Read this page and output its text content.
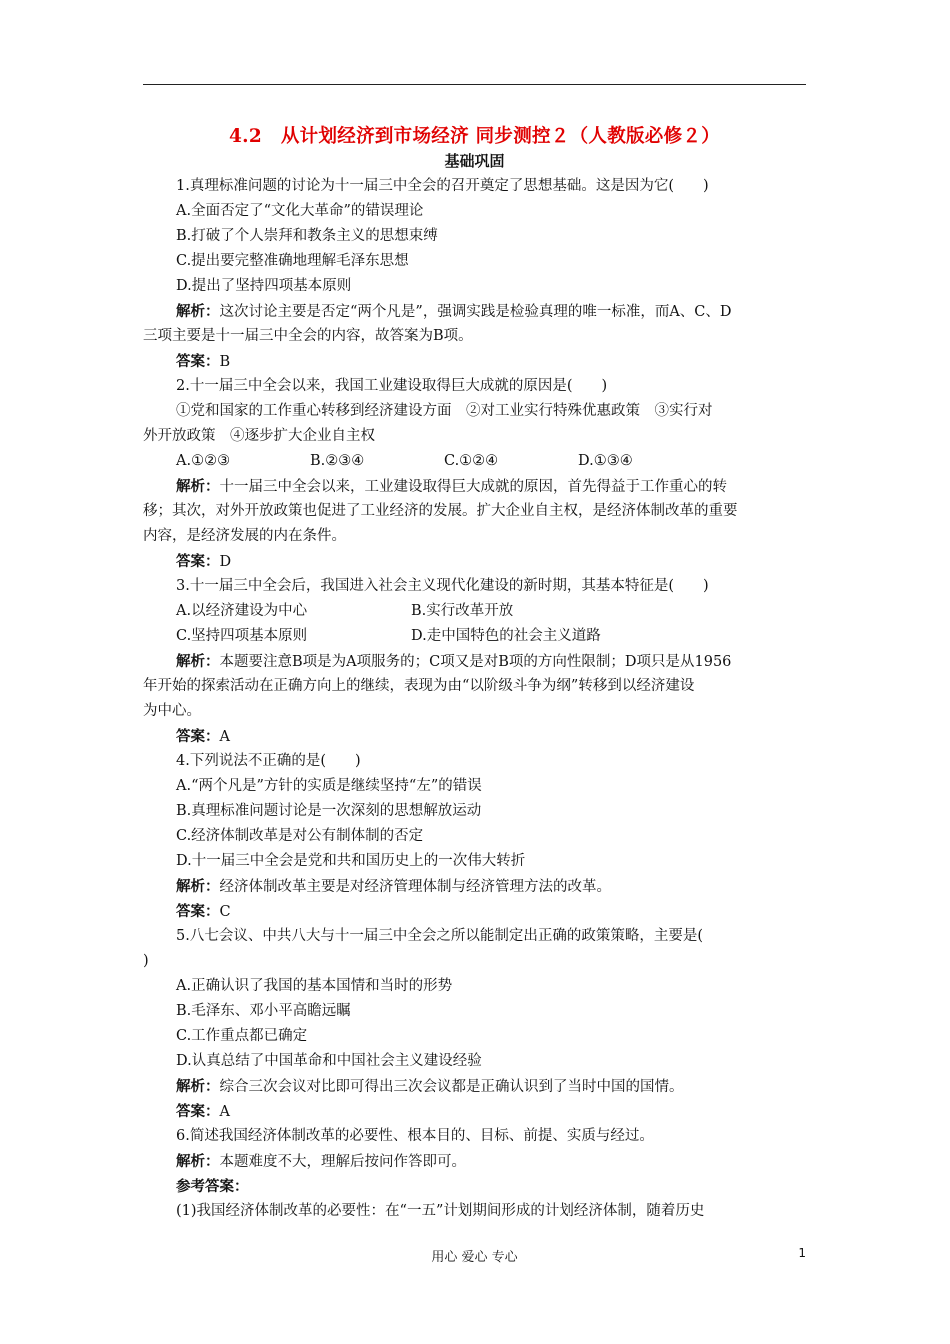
4.2　从计划经济到市场经济 同步测控２（人教版必修２）
基础巩固
1.真理标准问题的讨论为十一届三中全会的召开奠定了思想基础。这是因为它(　　)
A.全面否定了“文化大革命”的错误理论
B.打破了个人崇拜和教条主义的思想束缚
C.提出要完整准确地理解毛泽东思想
D.提出了坚持四项基本原则
解析：这次讨论主要是否定“两个凡是”，强调实践是检验真理的唯一标准，而A、C、D
三项主要是十一届三中全会的内容，故答案为B项。
答案：B
2.十一届三中全会以来，我国工业建设取得巨大成就的原因是(　　)
①党和国家的工作重心转移到经济建设方面　②对工业实行特殊优惠政策　③实行对
外开放政策　④逐步扩大企业自主权
A.①②③	B.②③④	C.①②④	D.①③④
解析：十一届三中全会以来，工业建设取得巨大成就的原因，首先得益于工作重心的转
移；其次，对外开放政策也促进了工业经济的发展。扩大企业自主权，是经济体制改革的重要
内容，是经济发展的内在条件。
答案：D
3.十一届三中全会后，我国进入社会主义现代化建设的新时期，其基本特征是(　　)
A.以经济建设为中心	B.实行改革开放
C.坚持四项基本原则	D.走中国特色的社会主义道路
解析：本题要注意B项是为A项服务的；C项又是对B项的方向性限制；D项只是从1956
年开始的探索活动在正确方向上的继续，表现为由“以阶级斗争为纲”转移到以经济建设
为中心。
答案：A
4.下列说法不正确的是(　　)
A.“两个凡是”方针的实质是继续坚持“左”的错误
B.真理标准问题讨论是一次深刻的思想解放运动
C.经济体制改革是对公有制体制的否定
D.十一届三中全会是党和共和国历史上的一次伟大转折
解析：经济体制改革主要是对经济管理体制与经济管理方法的改革。
答案：C
5.八七会议、中共八大与十一届三中全会之所以能制定出正确的政策策略，主要是(
)
A.正确认识了我国的基本国情和当时的形势
B.毛泽东、邓小平高瞻远瞩
C.工作重点都已确定
D.认真总结了中国革命和中国社会主义建设经验
解析：综合三次会议对比即可得出三次会议都是正确认识到了当时中国的国情。
答案：A
6.简述我国经济体制改革的必要性、根本目的、目标、前提、实质与经过。
解析：本题难度不大，理解后按问作答即可。
参考答案：
(1)我国经济体制改革的必要性：在“一五”计划期间形成的计划经济体制，随着历史
用心 爱心 专心	1
